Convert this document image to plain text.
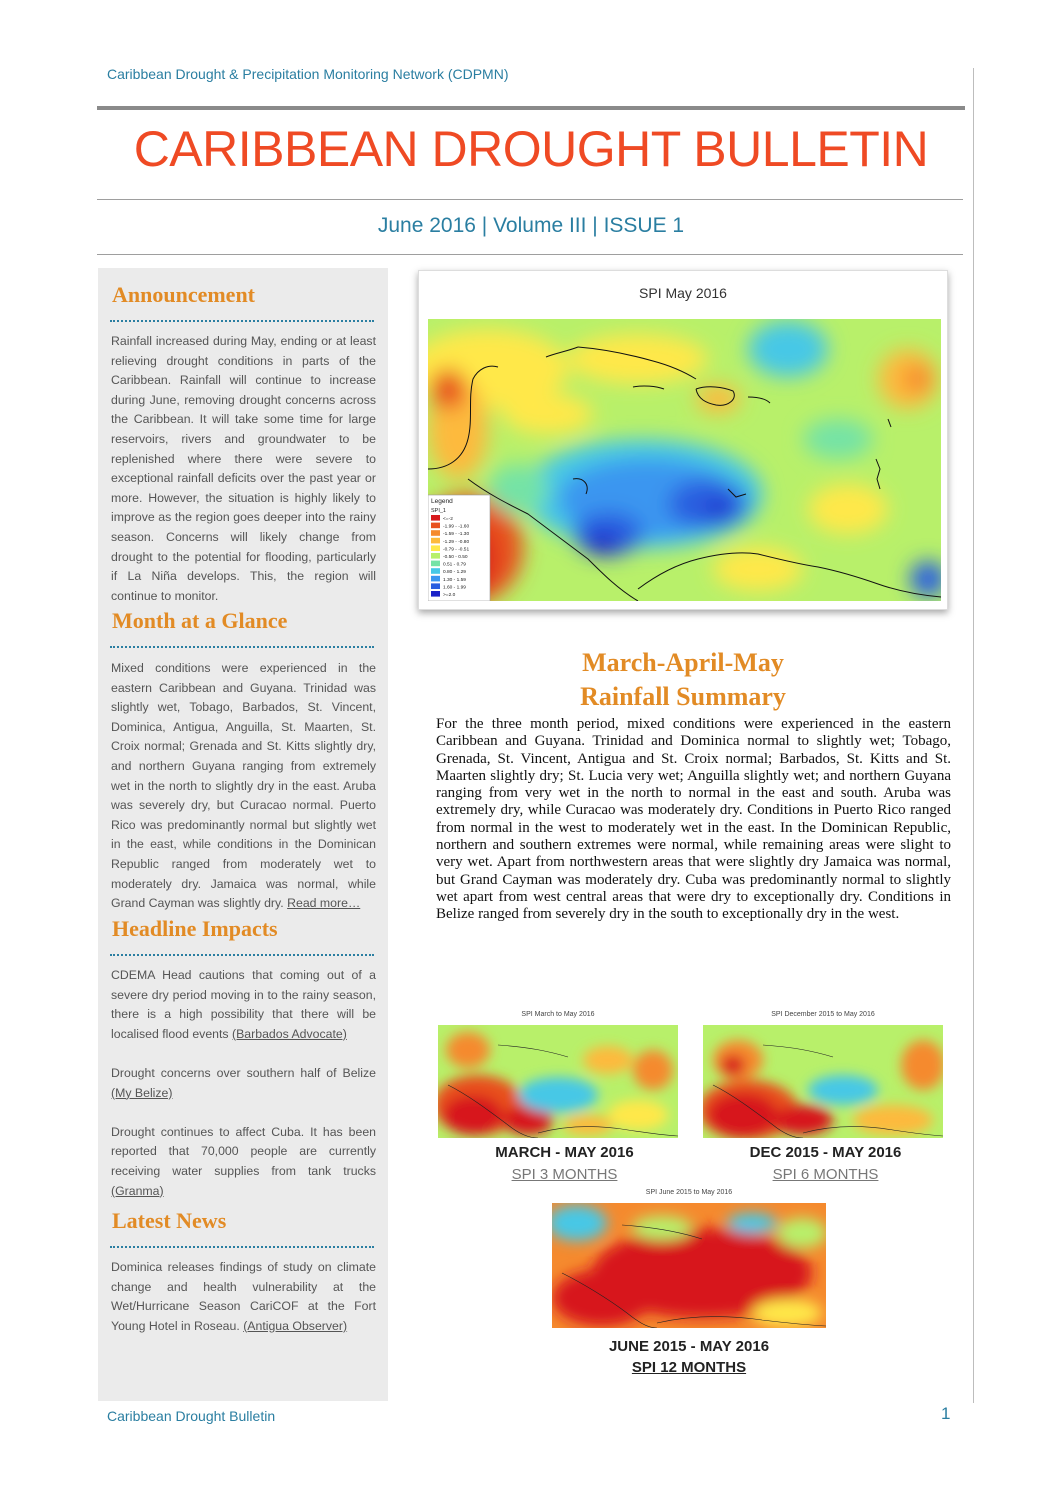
Caribbean Drought & Precipitation Monitoring Network (CDPMN)
CARIBBEAN DROUGHT BULLETIN
June 2016 | Volume III | ISSUE 1
Announcement
Rainfall increased during May, ending or at least relieving drought conditions in parts of the Caribbean. Rainfall will continue to increase during June, removing drought concerns across the Caribbean. It will take some time for large reservoirs, rivers and groundwater to be replenished where there were severe to exceptional rainfall deficits over the past year or more. However, the situation is highly likely to improve as the region goes deeper into the rainy season. Concerns will likely change from drought to the potential for flooding, particularly if La Niña develops. This, the region will continue to monitor.
Month at a Glance
Mixed conditions were experienced in the eastern Caribbean and Guyana. Trinidad was slightly wet, Tobago, Barbados, St. Vincent, Dominica, Antigua, Anguilla, St. Maarten, St. Croix normal; Grenada and St. Kitts slightly dry, and northern Guyana ranging from extremely wet in the north to slightly dry in the east. Aruba was severely dry, but Curacao normal. Puerto Rico was predominantly normal but slightly wet in the east, while conditions in the Dominican Republic ranged from moderately wet to moderately dry. Jamaica was normal, while Grand Cayman was slightly dry. Read more…
Headline Impacts
CDEMA Head cautions that coming out of a severe dry period moving in to the rainy season, there is a high possibility that there will be localised flood events (Barbados Advocate)
Drought concerns over southern half of Belize (My Belize)
Drought continues to affect Cuba. It has been reported that 70,000 people are currently receiving water supplies from tank trucks (Granma)
Latest News
Dominica releases findings of study on climate change and health vulnerability at the Wet/Hurricane Season CariCOF at the Fort Young Hotel in Roseau. (Antigua Observer)
SPI May 2016
Legend
SPI_1
<=-2
-1.99 - -1.60
-1.59 - -1.30
-1.29 - -0.80
-0.79 - -0.51
-0.50 - 0.50
0.51 - 0.79
0.80 - 1.29
1.30 - 1.59
1.60 - 1.99
>=2.0
March-April-May
Rainfall Summary
For the three month period, mixed conditions were experienced in the eastern Caribbean and Guyana. Trinidad and Dominica normal to slightly wet; Tobago, Grenada, St. Vincent, Antigua and St. Croix normal; Barbados, St. Kitts and St. Maarten slightly dry; St. Lucia very wet; Anguilla slightly wet; and northern Guyana ranging from very wet in the north to normal in the east and south. Aruba was extremely dry, while Curacao was moderately dry. Conditions in Puerto Rico ranged from normal in the west to moderately wet in the east. In the Dominican Republic, northern and southern extremes were normal, while remaining areas were slight to very wet. Apart from northwestern areas that were slightly dry Jamaica was normal, but Grand Cayman was moderately dry. Cuba was predominantly normal to slightly wet apart from west central areas that were dry to exceptionally dry. Conditions in Belize ranged from severely dry in the south to exceptionally dry in the west.
SPI March to May 2016
MARCH - MAY 2016
SPI 3 MONTHS
SPI December 2015 to May 2016
DEC 2015 - MAY 2016
SPI 6 MONTHS
SPI June 2015 to May 2016
JUNE 2015 - MAY 2016
SPI 12 MONTHS
Caribbean Drought Bulletin	1
